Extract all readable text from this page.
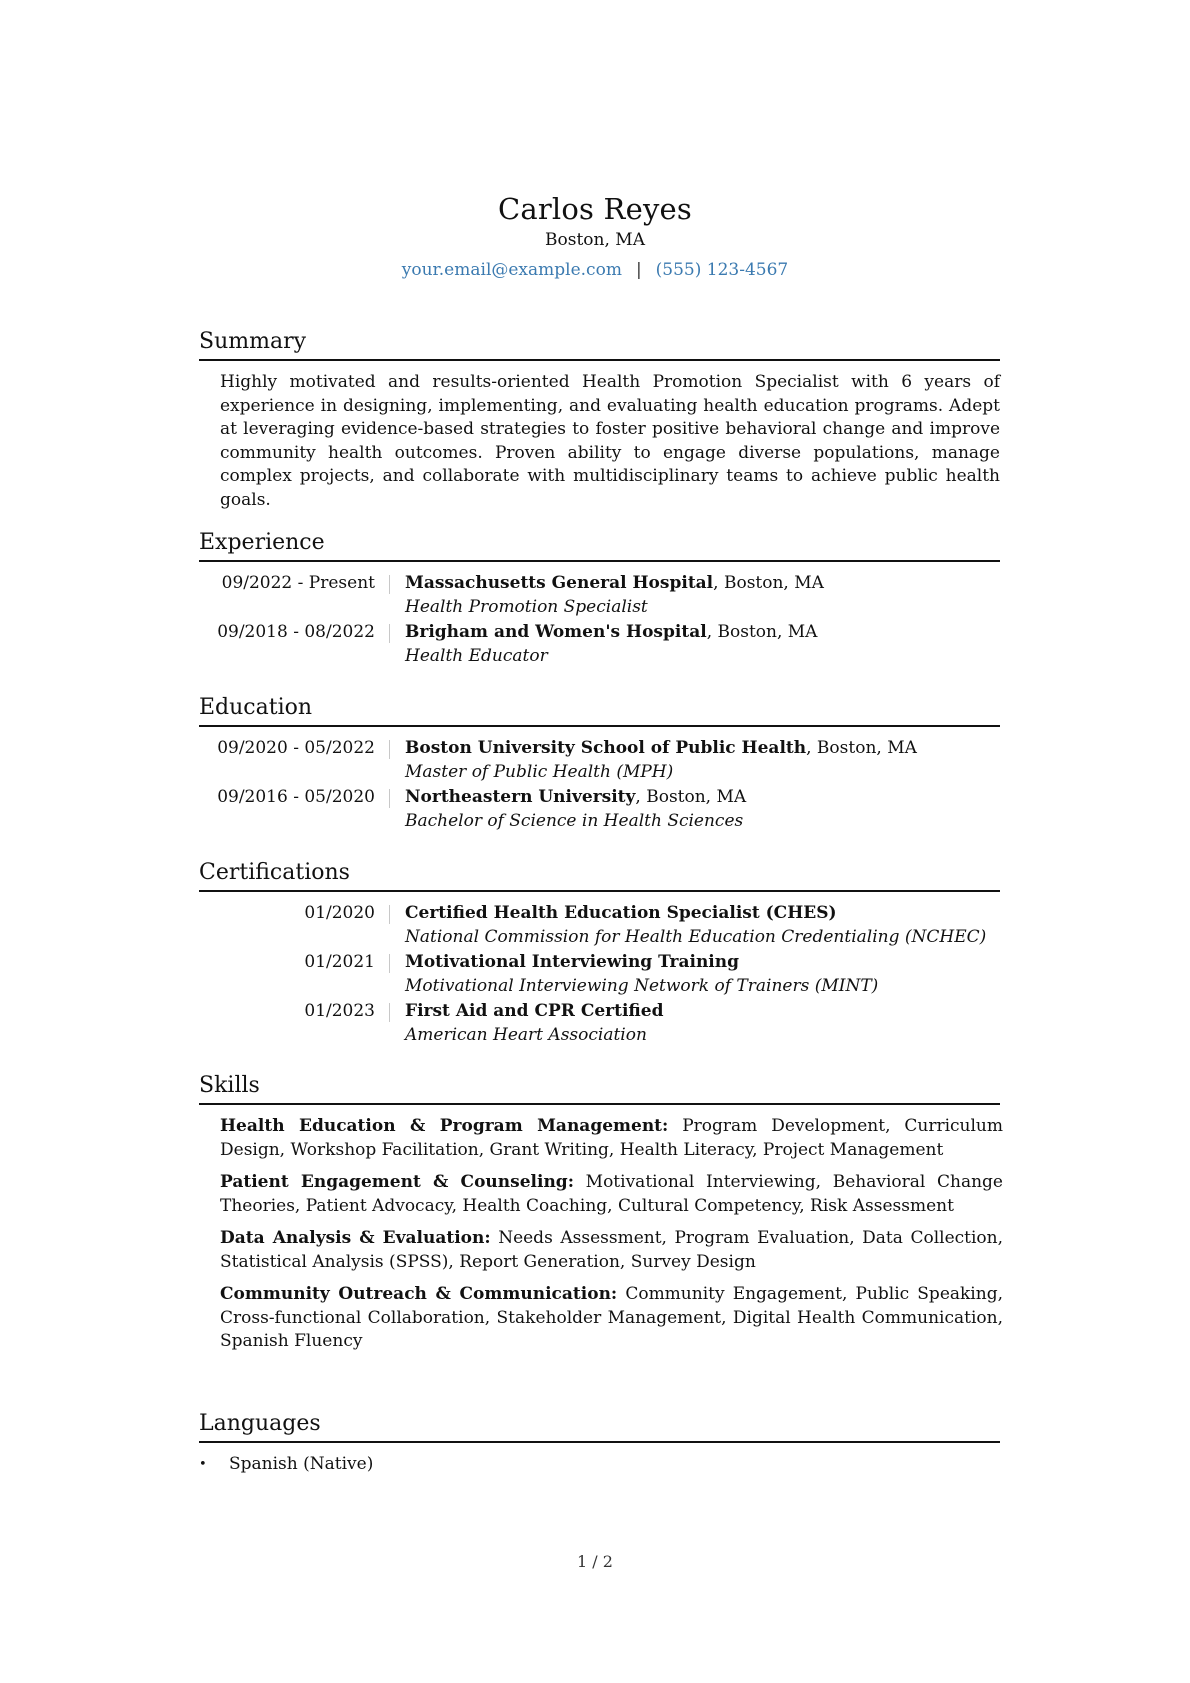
Carlos Reyes
Boston, MA
your.email@example.com | (555) 123-4567
Summary
Highly motivated and results-oriented Health Promotion Specialist with 6 years of experience in designing, implementing, and evaluating health education programs. Adept at leveraging evidence-based strategies to foster positive behavioral change and improve community health outcomes. Proven ability to engage diverse populations, manage complex projects, and collaborate with multidisciplinary teams to achieve public health goals.
Experience
09/2022 - Present	Massachusetts General Hospital, Boston, MA
Health Promotion Specialist
09/2018 - 08/2022	Brigham and Women's Hospital, Boston, MA
Health Educator
Education
09/2020 - 05/2022	Boston University School of Public Health, Boston, MA
Master of Public Health (MPH)
09/2016 - 05/2020	Northeastern University, Boston, MA
Bachelor of Science in Health Sciences
Certifications
01/2020	Certified Health Education Specialist (CHES)
National Commission for Health Education Credentialing (NCHEC)
01/2021	Motivational Interviewing Training
Motivational Interviewing Network of Trainers (MINT)
01/2023	First Aid and CPR Certified
American Heart Association
Skills
Health Education & Program Management: Program Development, Curriculum Design, Workshop Facilitation, Grant Writing, Health Literacy, Project Management
Patient Engagement & Counseling: Motivational Interviewing, Behavioral Change Theories, Patient Advocacy, Health Coaching, Cultural Competency, Risk Assessment
Data Analysis & Evaluation: Needs Assessment, Program Evaluation, Data Collection, Statistical Analysis (SPSS), Report Generation, Survey Design
Community Outreach & Communication: Community Engagement, Public Speaking, Cross-functional Collaboration, Stakeholder Management, Digital Health Communication, Spanish Fluency
Languages
•	Spanish (Native)
1 / 2
